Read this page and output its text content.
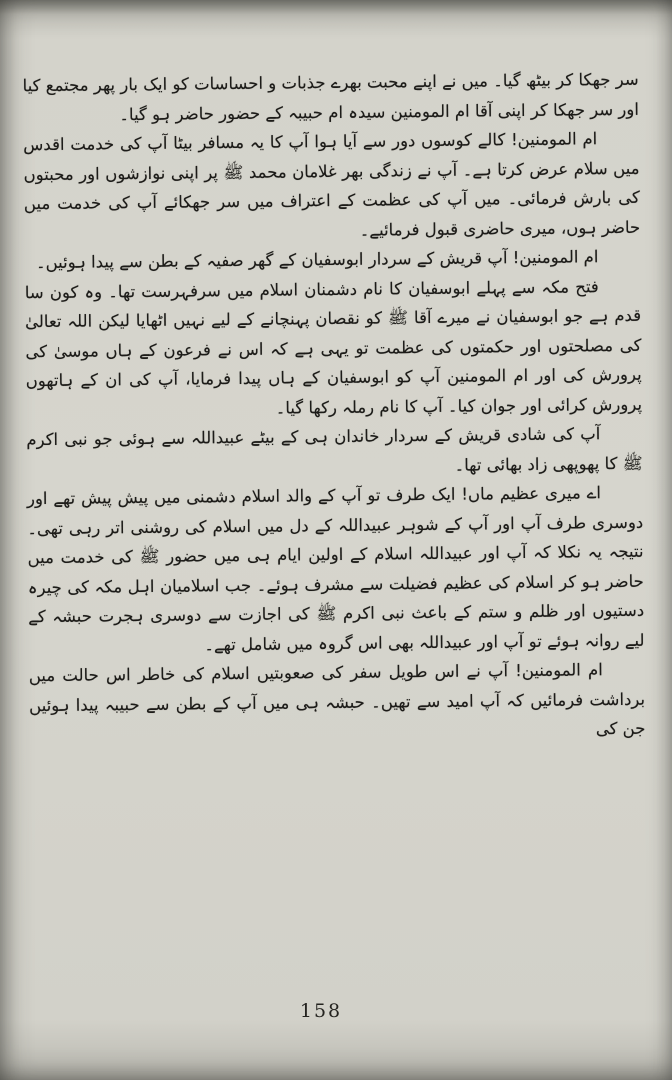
سر جھکا کر بیٹھ گیا۔ میں نے اپنے محبت بھرے جذبات و احساسات کو ایک بار پھر مجتمع کیا اور سر جھکا کر اپنی آقا ام المومنین سیدہ ام حبیبہ کے حضور حاضر ہو گیا۔

ام المومنین! کالے کوسوں دور سے آیا ہوا آپ کا یہ مسافر بیٹا آپ کی خدمت اقدس میں سلام عرض کرتا ہے۔ آپ نے زندگی بھر غلامان محمد ﷺ پر اپنی نوازشوں اور محبتوں کی بارش فرمائی۔ میں آپ کی عظمت کے اعتراف میں سر جھکائے آپ کی خدمت میں حاضر ہوں، میری حاضری قبول فرمائیے۔

ام المومنین! آپ قریش کے سردار ابوسفیان کے گھر صفیہ کے بطن سے پیدا ہوئیں۔

فتح مکہ سے پہلے ابوسفیان کا نام دشمنان اسلام میں سرفہرست تھا۔ وہ کون سا قدم ہے جو ابوسفیان نے میرے آقا ﷺ کو نقصان پہنچانے کے لیے نہیں اٹھایا لیکن اللہ تعالیٰ کی مصلحتوں اور حکمتوں کی عظمت تو یہی ہے کہ اس نے فرعون کے ہاں موسیٰ کی پرورش کی اور ام المومنین آپ کو ابوسفیان کے ہاں پیدا فرمایا، آپ کی ان کے ہاتھوں پرورش کرائی اور جوان کیا۔ آپ کا نام رملہ رکھا گیا۔

آپ کی شادی قریش کے سردار خاندان ہی کے بیٹے عبیداللہ سے ہوئی جو نبی اکرم ﷺ کا پھوپھی زاد بھائی تھا۔

اے میری عظیم ماں! ایک طرف تو آپ کے والد اسلام دشمنی میں پیش پیش تھے اور دوسری طرف آپ اور آپ کے شوہر عبیداللہ کے دل میں اسلام کی روشنی اتر رہی تھی۔ نتیجہ یہ نکلا کہ آپ اور عبیداللہ اسلام کے اولین ایام ہی میں حضور ﷺ کی خدمت میں حاضر ہو کر اسلام کی عظیم فضیلت سے مشرف ہوئے۔ جب اسلامیان اہل مکہ کی چیرہ دستیوں اور ظلم و ستم کے باعث نبی اکرم ﷺ کی اجازت سے دوسری ہجرت حبشہ کے لیے روانہ ہوئے تو آپ اور عبیداللہ بھی اس گروہ میں شامل تھے۔

ام المومنین! آپ نے اس طویل سفر کی صعوبتیں اسلام کی خاطر اس حالت میں برداشت فرمائیں کہ آپ امید سے تھیں۔ حبشہ ہی میں آپ کے بطن سے حبیبہ پیدا ہوئیں جن کی

158
